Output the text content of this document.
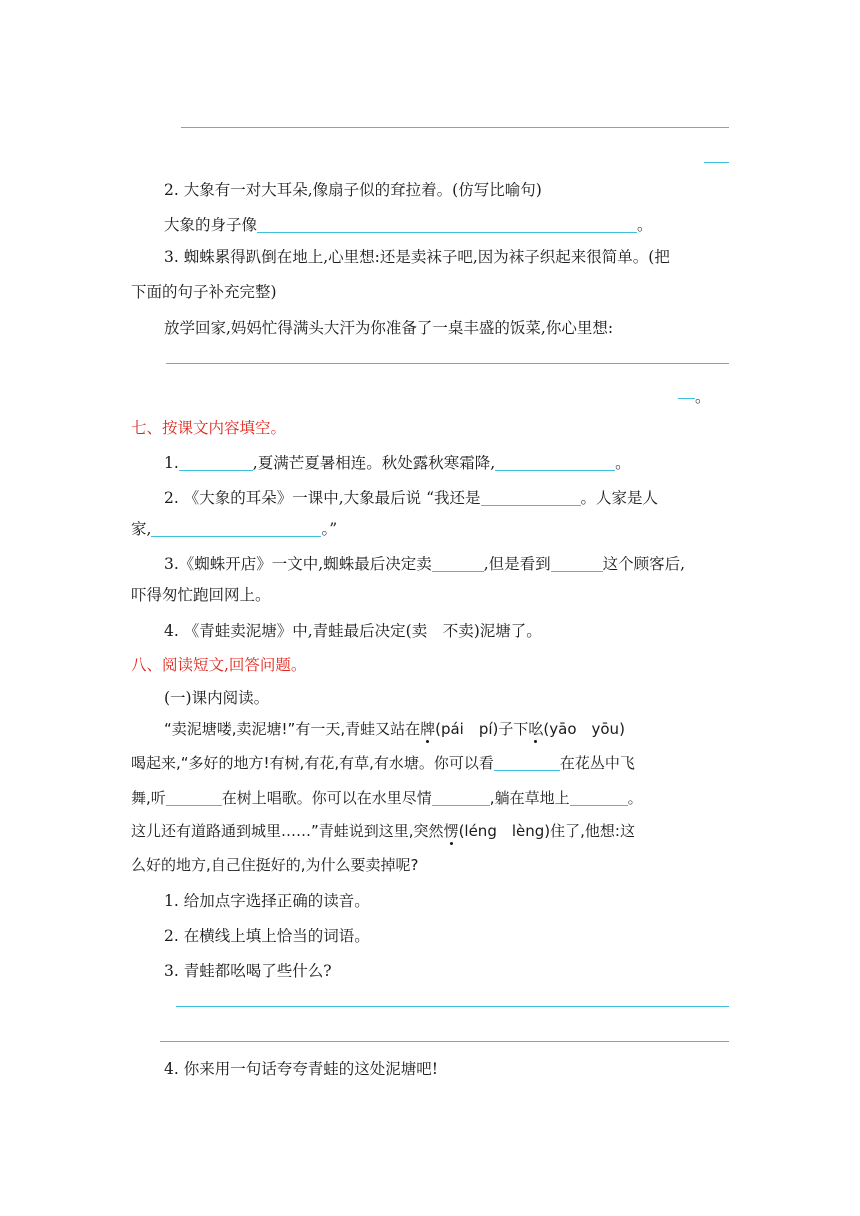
2. 大象有一对大耳朵,像扇子似的耷拉着。(仿写比喻句)
大象的身子像	。
3. 蜘蛛累得趴倒在地上,心里想:还是卖袜子吧,因为袜子织起来很简单。(把
下面的句子补充完整)
放学回家,妈妈忙得满头大汗为你准备了一桌丰盛的饭菜,你心里想:
。
七、按课文内容填空。
1.	,夏满芒夏暑相连。秋处露秋寒霜降,	。
2. 《大象的耳朵》一课中,大象最后说 “我还是	。人家是人
家,	。”
3.《蜘蛛开店》一文中,蜘蛛最后决定卖	,但是看到	这个顾客后,
吓得匆忙跑回网上。
4. 《青蛙卖泥塘》中,青蛙最后决定(卖　不卖)泥塘了。
八、阅读短文,回答问题。
(一)课内阅读。
“卖泥塘喽,卖泥塘!”有一天,青蛙又站在牌(pái　pí)子下吆(yāo　yōu)
喝起来,“多好的地方!有树,有花,有草,有水塘。你可以看	在花丛中飞
舞,听	在树上唱歌。你可以在水里尽情	,躺在草地上	。
这儿还有道路通到城里……”青蛙说到这里,突然愣(léng　lèng)住了,他想:这
么好的地方,自己住挺好的,为什么要卖掉呢?
1. 给加点字选择正确的读音。
2. 在横线上填上恰当的词语。
3. 青蛙都吆喝了些什么?
4. 你来用一句话夸夸青蛙的这处泥塘吧!
